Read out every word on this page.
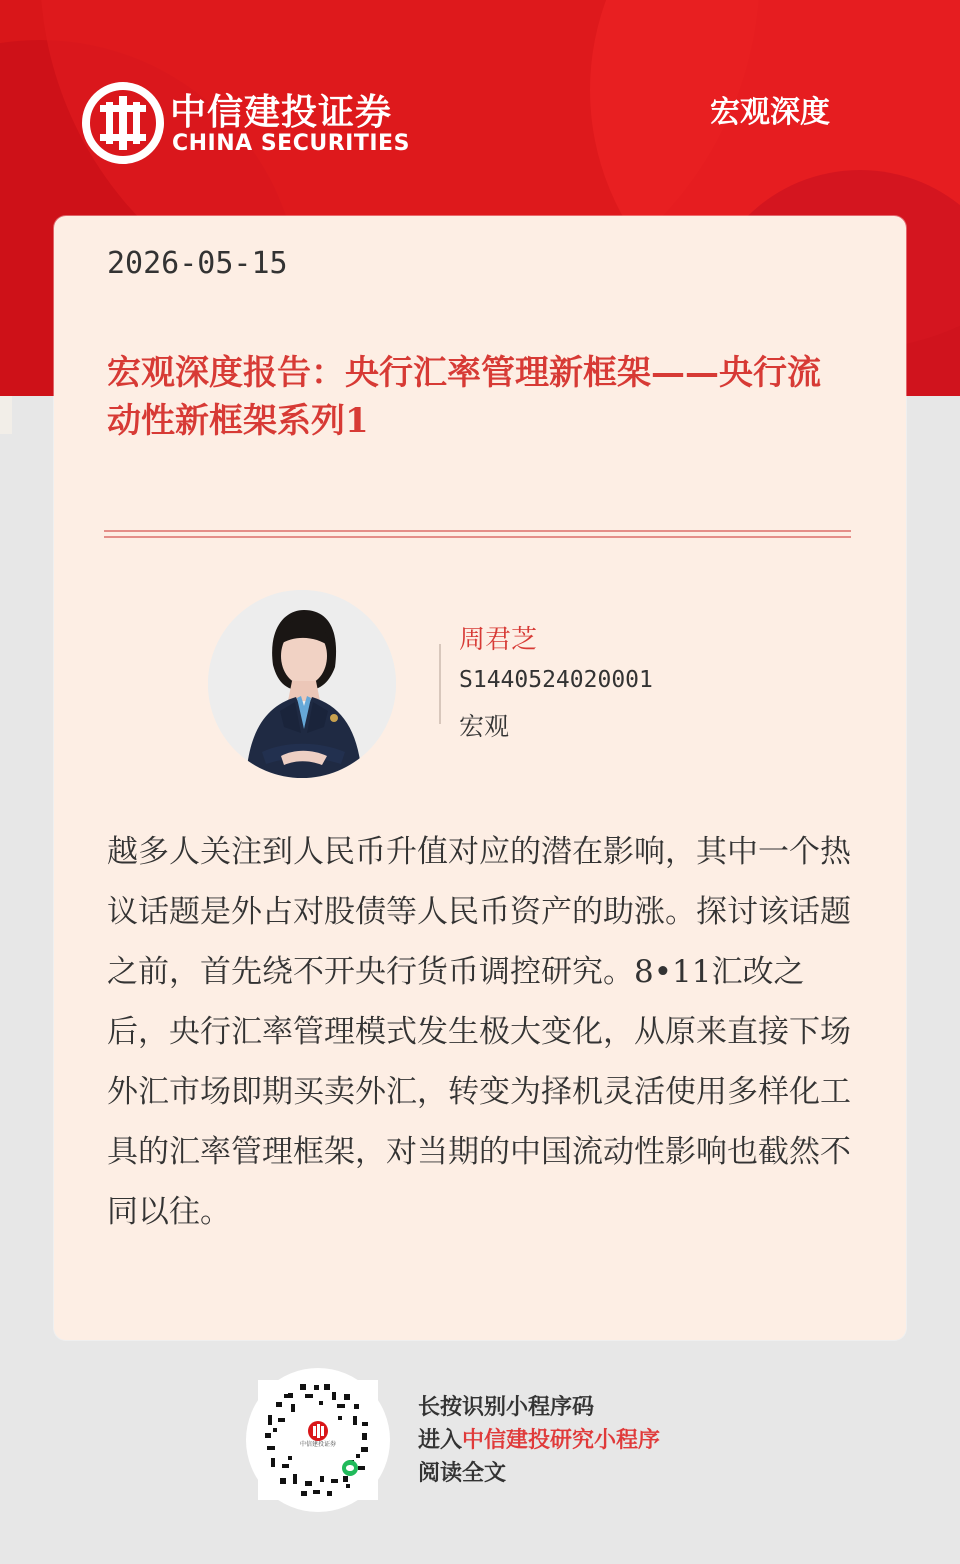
中信建投证券
CHINA SECURITIES
宏观深度
2026-05-15
宏观深度报告：央行汇率管理新框架——央行流动性新框架系列1
周君芝
S1440524020001
宏观
越多人关注到人民币升值对应的潜在影响，其中一个热议话题是外占对股债等人民币资产的助涨。探讨该话题之前，首先绕不开央行货币调控研究。8•11汇改之后，央行汇率管理模式发生极大变化，从原来直接下场外汇市场即期买卖外汇，转变为择机灵活使用多样化工具的汇率管理框架，对当期的中国流动性影响也截然不同以往。
中信建投证券
长按识别小程序码
进入中信建投研究小程序
阅读全文
